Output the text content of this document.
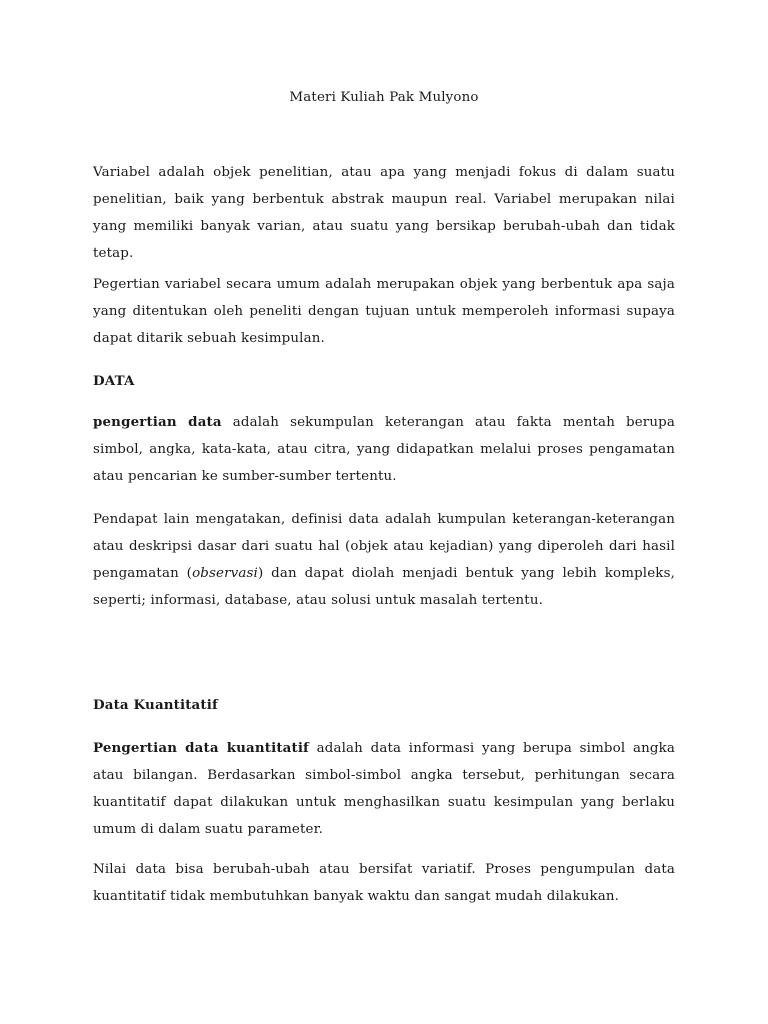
Materi Kuliah Pak Mulyono

Variabel adalah objek penelitian, atau apa yang menjadi fokus di dalam suatu penelitian, baik yang berbentuk abstrak maupun real. Variabel merupakan nilai yang memiliki banyak varian, atau suatu yang bersikap berubah-ubah dan tidak tetap.

Pegertian variabel secara umum adalah merupakan objek yang berbentuk apa saja yang ditentukan oleh peneliti dengan tujuan untuk memperoleh informasi supaya dapat ditarik sebuah kesimpulan.

DATA

pengertian data adalah sekumpulan keterangan atau fakta mentah berupa simbol, angka, kata-kata, atau citra, yang didapatkan melalui proses pengamatan atau pencarian ke sumber-sumber tertentu.

Pendapat lain mengatakan, definisi data adalah kumpulan keterangan-keterangan atau deskripsi dasar dari suatu hal (objek atau kejadian) yang diperoleh dari hasil pengamatan (observasi) dan dapat diolah menjadi bentuk yang lebih kompleks, seperti; informasi, database, atau solusi untuk masalah tertentu.

Data Kuantitatif

Pengertian data kuantitatif adalah data informasi yang berupa simbol angka atau bilangan. Berdasarkan simbol-simbol angka tersebut, perhitungan secara kuantitatif dapat dilakukan untuk menghasilkan suatu kesimpulan yang berlaku umum di dalam suatu parameter.

Nilai data bisa berubah-ubah atau bersifat variatif. Proses pengumpulan data kuantitatif tidak membutuhkan banyak waktu dan sangat mudah dilakukan.
